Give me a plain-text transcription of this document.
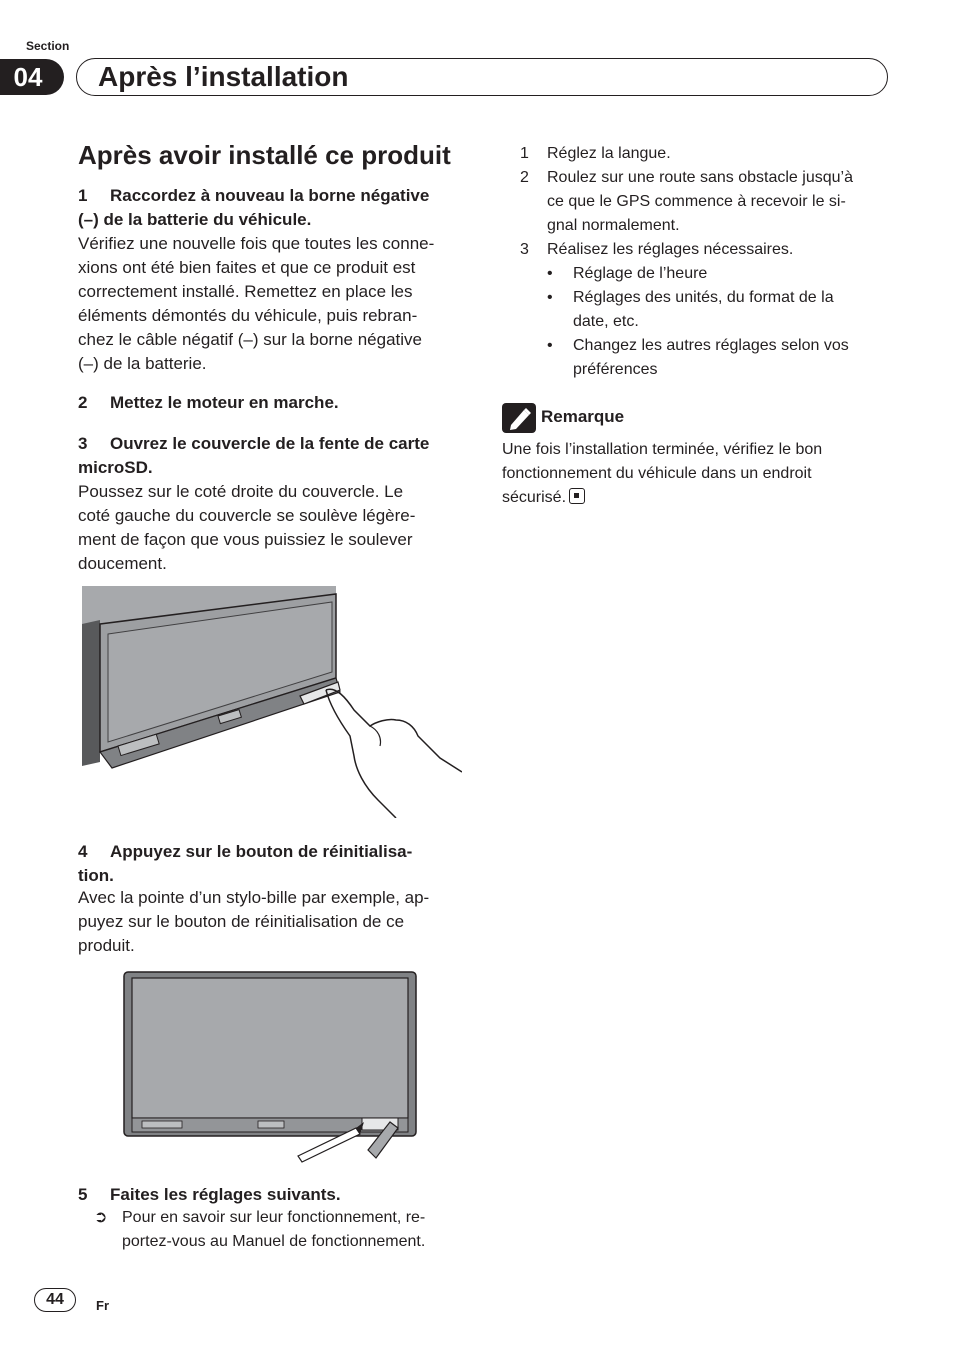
Section
04	Après l’installation
Après avoir installé ce produit
1 Raccordez à nouveau la borne négative
(–) de la batterie du véhicule.
Vérifiez une nouvelle fois que toutes les conne-
xions ont été bien faites et que ce produit est
correctement installé. Remettez en place les
éléments démontés du véhicule, puis rebran-
chez le câble négatif (–) sur la borne négative
(–) de la batterie.
2 Mettez le moteur en marche.
3 Ouvrez le couvercle de la fente de carte
microSD.
Poussez sur le coté droite du couvercle. Le
coté gauche du couvercle se soulève légère-
ment de façon que vous puissiez le soulever
doucement.
4 Appuyez sur le bouton de réinitialisa-
tion.
Avec la pointe d’un stylo-bille par exemple, ap-
puyez sur le bouton de réinitialisation de ce
produit.
5 Faites les réglages suivants.
➲ Pour en savoir sur leur fonctionnement, re-
portez-vous au Manuel de fonctionnement.
1 Réglez la langue.
2 Roulez sur une route sans obstacle jusqu’à
ce que le GPS commence à recevoir le si-
gnal normalement.
3 Réalisez les réglages nécessaires.
• Réglage de l’heure
• Réglages des unités, du format de la
date, etc.
• Changez les autres réglages selon vos
préférences
Remarque
Une fois l’installation terminée, vérifiez le bon
fonctionnement du véhicule dans un endroit
sécurisé.
44	Fr
